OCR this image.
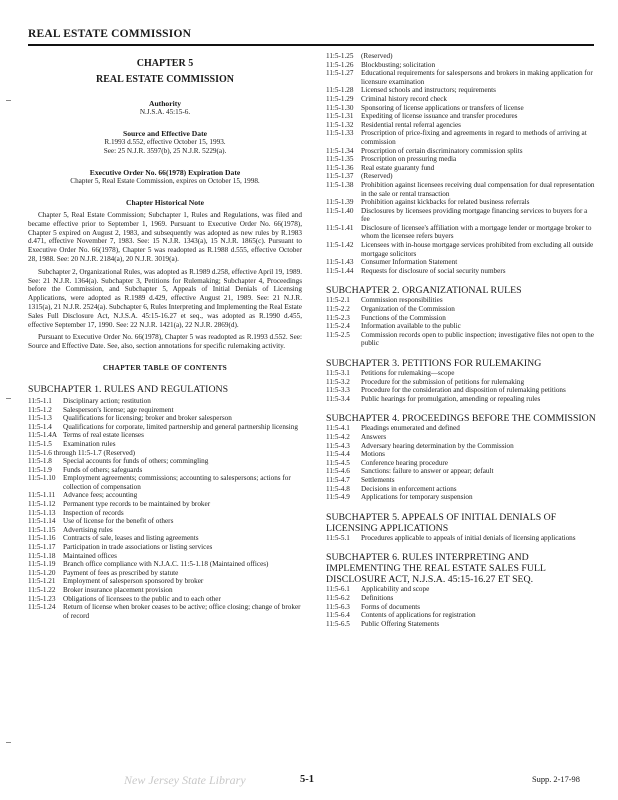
REAL ESTATE COMMISSION
CHAPTER 5
REAL ESTATE COMMISSION
Authority
N.J.S.A. 45:15-6.
Source and Effective Date
R.1993 d.552, effective October 15, 1993.
See: 25 N.J.R. 3597(b), 25 N.J.R. 5229(a).
Executive Order No. 66(1978) Expiration Date
Chapter 5, Real Estate Commission, expires on October 15, 1998.
Chapter Historical Note
Chapter 5, Real Estate Commission; Subchapter 1, Rules and Regulations, was filed and became effective prior to September 1, 1969. Pursuant to Executive Order No. 66(1978), Chapter 5 expired on August 2, 1983, and subsequently was adopted as new rules by R.1983 d.471, effective November 7, 1983. See: 15 N.J.R. 1343(a), 15 N.J.R. 1865(c). Pursuant to Executive Order No. 66(1978), Chapter 5 was readopted as R.1988 d.555, effective October 28, 1988. See: 20 N.J.R. 2184(a), 20 N.J.R. 3019(a).
Subchapter 2, Organizational Rules, was adopted as R.1989 d.258, effective April 19, 1989. See: 21 N.J.R. 1364(a). Subchapter 3, Petitions for Rulemaking; Subchapter 4, Proceedings before the Commission, and Subchapter 5, Appeals of Initial Denials of Licensing Applications, were adopted as R.1989 d.429, effective August 21, 1989. See: 21 N.J.R. 1315(a), 21 N.J.R. 2524(a). Subchapter 6, Rules Interpreting and Implementing the Real Estate Sales Full Disclosure Act, N.J.S.A. 45:15-16.27 et seq., was adopted as R.1990 d.455, effective September 17, 1990. See: 22 N.J.R. 1421(a), 22 N.J.R. 2869(d).
Pursuant to Executive Order No. 66(1978), Chapter 5 was readopted as R.1993 d.552. See: Source and Effective Date. See, also, section annotations for specific rulemaking activity.
CHAPTER TABLE OF CONTENTS
SUBCHAPTER 1. RULES AND REGULATIONS
11:5-1.1	Disciplinary action; restitution
11:5-1.2	Salesperson's license; age requirement
11:5-1.3	Qualifications for licensing; broker and broker salesperson
11:5-1.4	Qualifications for corporate, limited partnership and general partnership licensing
11:5-1.4A Terms of real estate licenses
11:5-1.5	Examination rules
11:5-1.6 through 11:5-1.7 (Reserved)
11:5-1.8	Special accounts for funds of others; commingling
11:5-1.9	Funds of others; safeguards
11:5-1.10	Employment agreements; commissions; accounting to salespersons; actions for collection of compensation
11:5-1.11	Advance fees; accounting
11:5-1.12	Permanent type records to be maintained by broker
11:5-1.13	Inspection of records
11:5-1.14	Use of license for the benefit of others
11:5-1.15	Advertising rules
11:5-1.16	Contracts of sale, leases and listing agreements
11:5-1.17	Participation in trade associations or listing services
11:5-1.18	Maintained offices
11:5-1.19	Branch office compliance with N.J.A.C. 11:5-1.18 (Maintained offices)
11:5-1.20	Payment of fees as prescribed by statute
11:5-1.21	Employment of salesperson sponsored by broker
11:5-1.22	Broker insurance placement provision
11:5-1.23	Obligations of licensees to the public and to each other
11:5-1.24	Return of license when broker ceases to be active; office closing; change of broker of record
11:5-1.25	(Reserved)
11:5-1.26	Blockbusting; solicitation
11:5-1.27	Educational requirements for salespersons and brokers in making application for licensure examination
11:5-1.28	Licensed schools and instructors; requirements
11:5-1.29	Criminal history record check
11:5-1.30	Sponsoring of license applications or transfers of license
11:5-1.31	Expediting of license issuance and transfer procedures
11:5-1.32	Residential rental referral agencies
11:5-1.33	Proscription of price-fixing and agreements in regard to methods of arriving at commission
11:5-1.34	Proscription of certain discriminatory commission splits
11:5-1.35	Proscription on pressuring media
11:5-1.36	Real estate guaranty fund
11:5-1.37	(Reserved)
11:5-1.38	Prohibition against licensees receiving dual compensation for dual representation in the sale or rental transaction
11:5-1.39	Prohibition against kickbacks for related business referrals
11:5-1.40	Disclosures by licensees providing mortgage financing services to buyers for a fee
11:5-1.41	Disclosure of licensee's affiliation with a mortgage lender or mortgage broker to whom the licensee refers buyers
11:5-1.42	Licensees with in-house mortgage services prohibited from excluding all outside mortgage solicitors
11:5-1.43	Consumer Information Statement
11:5-1.44	Requests for disclosure of social security numbers
SUBCHAPTER 2. ORGANIZATIONAL RULES
11:5-2.1	Commission responsibilities
11:5-2.2	Organization of the Commission
11:5-2.3	Functions of the Commission
11:5-2.4	Information available to the public
11:5-2.5	Commission records open to public inspection; investigative files not open to the public
SUBCHAPTER 3. PETITIONS FOR RULEMAKING
11:5-3.1	Petitions for rulemaking—scope
11:5-3.2	Procedure for the submission of petitions for rulemaking
11:5-3.3	Procedure for the consideration and disposition of rulemaking petitions
11:5-3.4	Public hearings for promulgation, amending or repealing rules
SUBCHAPTER 4. PROCEEDINGS BEFORE THE COMMISSION
11:5-4.1	Pleadings enumerated and defined
11:5-4.2	Answers
11:5-4.3	Adversary hearing determination by the Commission
11:5-4.4	Motions
11:5-4.5	Conference hearing procedure
11:5-4.6	Sanctions: failure to answer or appear; default
11:5-4.7	Settlements
11:5-4.8	Decisions in enforcement actions
11:5-4.9	Applications for temporary suspension
SUBCHAPTER 5. APPEALS OF INITIAL DENIALS OF LICENSING APPLICATIONS
11:5-5.1	Procedures applicable to appeals of initial denials of licensing applications
SUBCHAPTER 6. RULES INTERPRETING AND IMPLEMENTING THE REAL ESTATE SALES FULL DISCLOSURE ACT, N.J.S.A. 45:15-16.27 ET SEQ.
11:5-6.1	Applicability and scope
11:5-6.2	Definitions
11:5-6.3	Forms of documents
11:5-6.4	Contents of applications for registration
11:5-6.5	Public Offering Statements
New Jersey State Library	5-1	Supp. 2-17-98
